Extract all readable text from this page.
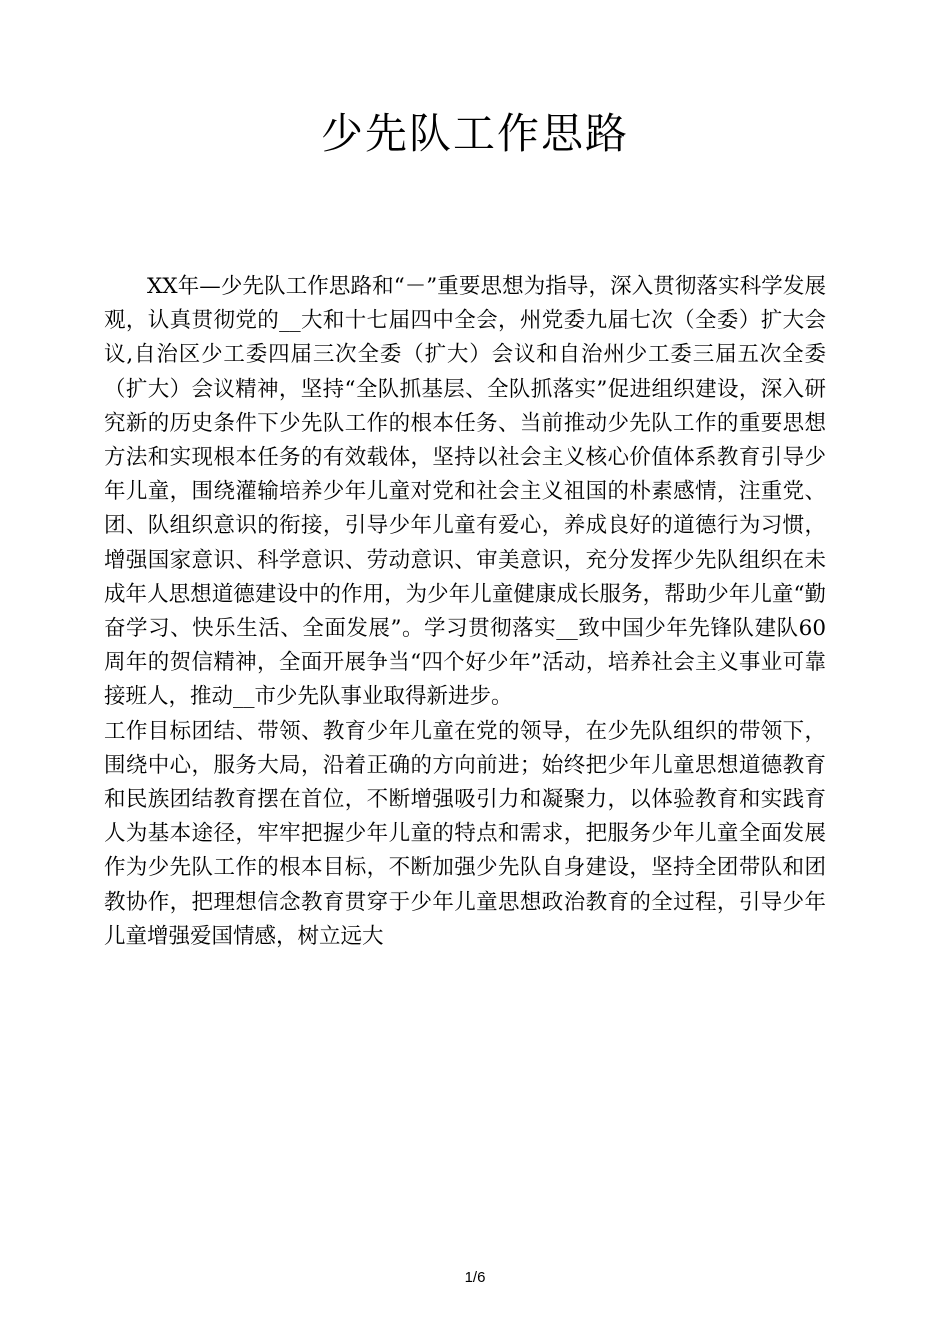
少先队工作思路

XX年—少先队工作思路和“－”重要思想为指导，深入贯彻落实科学发展观，认真贯彻党的__大和十七届四中全会，州党委九届七次（全委）扩大会议,自治区少工委四届三次全委（扩大）会议和自治州少工委三届五次全委（扩大）会议精神，坚持“全队抓基层、全队抓落实”促进组织建设，深入研究新的历史条件下少先队工作的根本任务、当前推动少先队工作的重要思想方法和实现根本任务的有效载体，坚持以社会主义核心价值体系教育引导少年儿童，围绕灌输培养少年儿童对党和社会主义祖国的朴素感情，注重党、团、队组织意识的衔接，引导少年儿童有爱心，养成良好的道德行为习惯，增强国家意识、科学意识、劳动意识、审美意识，充分发挥少先队组织在未成年人思想道德建设中的作用，为少年儿童健康成长服务，帮助少年儿童“勤奋学习、快乐生活、全面发展”。学习贯彻落实__致中国少年先锋队建队60周年的贺信精神，全面开展争当“四个好少年”活动，培养社会主义事业可靠接班人，推动__市少先队事业取得新进步。

工作目标团结、带领、教育少年儿童在党的领导，在少先队组织的带领下，围绕中心，服务大局，沿着正确的方向前进；始终把少年儿童思想道德教育和民族团结教育摆在首位，不断增强吸引力和凝聚力，以体验教育和实践育人为基本途径，牢牢把握少年儿童的特点和需求，把服务少年儿童全面发展作为少先队工作的根本目标，不断加强少先队自身建设，坚持全团带队和团教协作，把理想信念教育贯穿于少年儿童思想政治教育的全过程，引导少年儿童增强爱国情感，树立远大

1/6
